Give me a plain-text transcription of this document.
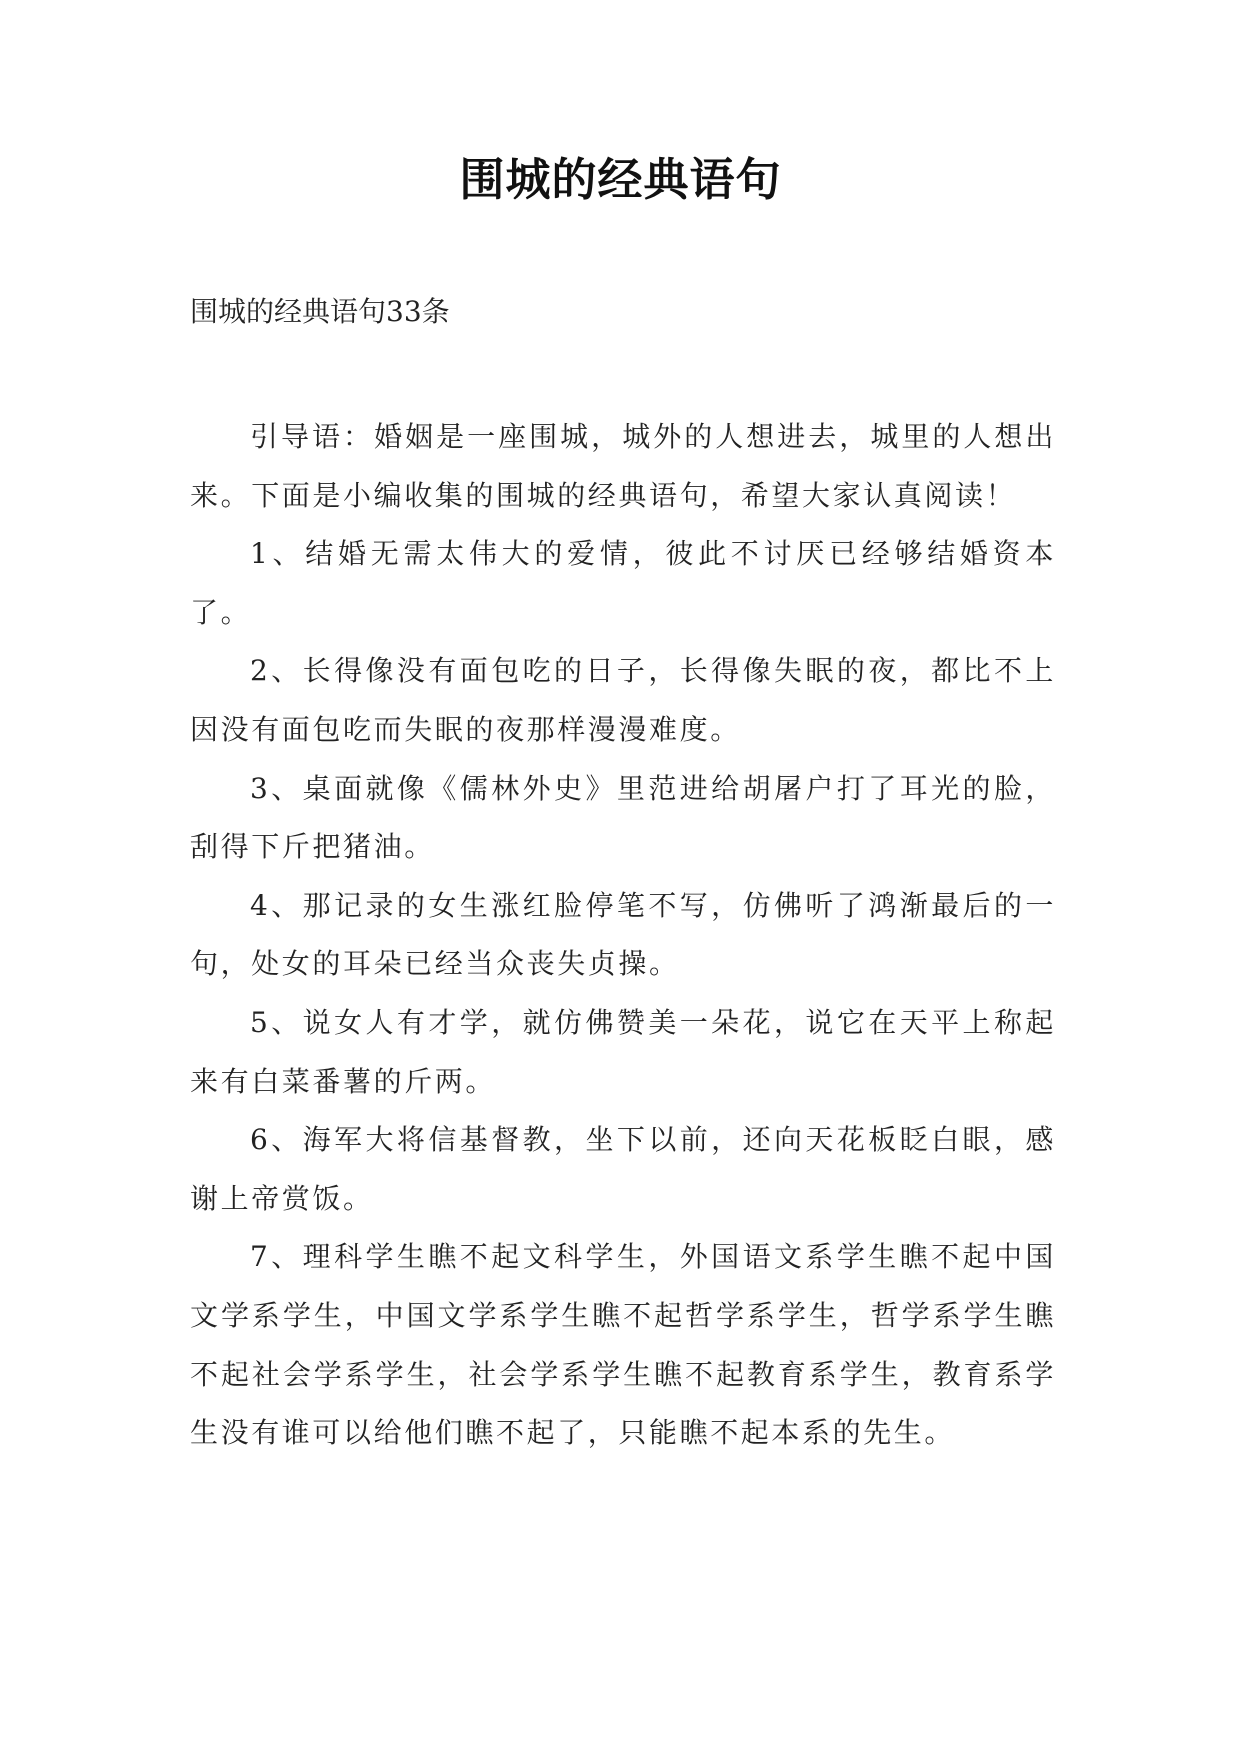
围城的经典语句

围城的经典语句33条

引导语：婚姻是一座围城，城外的人想进去，城里的人想出来。下面是小编收集的围城的经典语句，希望大家认真阅读！

1、结婚无需太伟大的爱情，彼此不讨厌已经够结婚资本了。

2、长得像没有面包吃的日子，长得像失眠的夜，都比不上因没有面包吃而失眠的夜那样漫漫难度。

3、桌面就像《儒林外史》里范进给胡屠户打了耳光的脸，刮得下斤把猪油。

4、那记录的女生涨红脸停笔不写，仿佛听了鸿渐最后的一句，处女的耳朵已经当众丧失贞操。

5、说女人有才学，就仿佛赞美一朵花，说它在天平上称起来有白菜番薯的斤两。

6、海军大将信基督教，坐下以前，还向天花板眨白眼，感谢上帝赏饭。

7、理科学生瞧不起文科学生，外国语文系学生瞧不起中国文学系学生，中国文学系学生瞧不起哲学系学生，哲学系学生瞧不起社会学系学生，社会学系学生瞧不起教育系学生，教育系学生没有谁可以给他们瞧不起了，只能瞧不起本系的先生。
